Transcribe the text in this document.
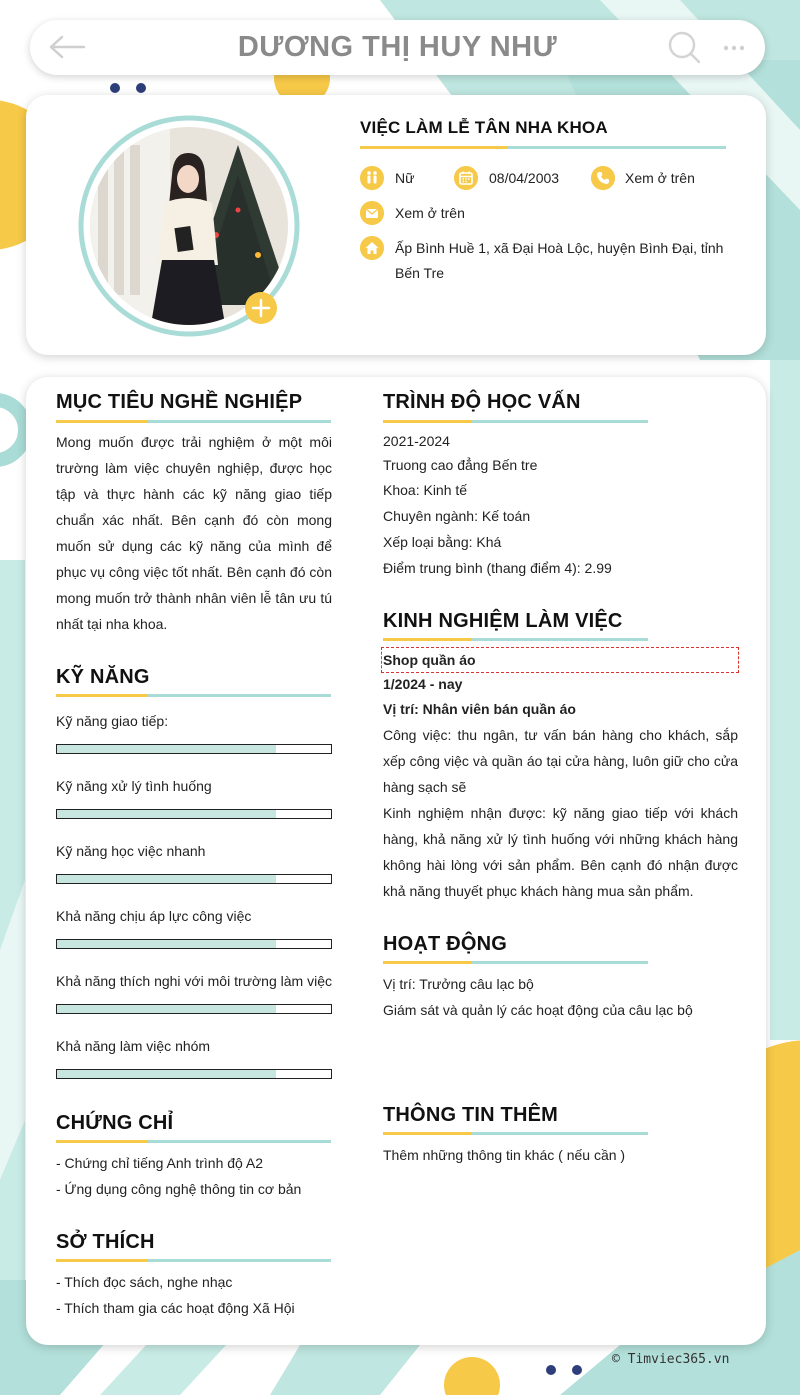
DƯƠNG THỊ HUY NHƯ
VIỆC LÀM LỄ TÂN NHA KHOA
Nữ	08/04/2003	Xem ở trên
Xem ở trên
Ấp Bình Huề 1, xã Đại Hoà Lộc, huyện Bình Đại, tỉnh
Bến Tre
MỤC TIÊU NGHỀ NGHIỆP
Mong muốn được trải nghiệm ở một môi trường làm việc chuyên nghiệp, được học tập và thực hành các kỹ năng giao tiếp chuẩn xác nhất. Bên cạnh đó còn mong muốn sử dụng các kỹ năng của mình để phục vụ công việc tốt nhất. Bên cạnh đó còn mong muốn trở thành nhân viên lễ tân ưu tú nhất tại nha khoa.
KỸ NĂNG
Kỹ năng giao tiếp:
Kỹ năng xử lý tình huống
Kỹ năng học việc nhanh
Khả năng chịu áp lực công việc
Khả năng thích nghi với môi trường làm việc
Khả năng làm việc nhóm
CHỨNG CHỈ
- Chứng chỉ tiếng Anh trình độ A2
- Ứng dụng công nghệ thông tin cơ bản
SỞ THÍCH
- Thích đọc sách, nghe nhạc
- Thích tham gia các hoạt động Xã Hội
TRÌNH ĐỘ HỌC VẤN
2021-2024
Truong cao đẳng Bến tre
Khoa: Kinh tế
Chuyên ngành: Kế toán
Xếp loại bằng: Khá
Điểm trung bình (thang điểm 4): 2.99
KINH NGHIỆM LÀM VIỆC
Shop quần áo
1/2024 - nay
Vị trí: Nhân viên bán quần áo
Công việc: thu ngân, tư vấn bán hàng cho khách, sắp xếp công việc và quần áo tại cửa hàng, luôn giữ cho cửa hàng sạch sẽ
Kinh nghiệm nhận được: kỹ năng giao tiếp với khách hàng, khả năng xử lý tình huống với những khách hàng không hài lòng với sản phẩm. Bên cạnh đó nhận được khả năng thuyết phục khách hàng mua sản phẩm.
HOẠT ĐỘNG
Vị trí: Trưởng câu lạc bộ
Giám sát và quản lý các hoạt động của câu lạc bộ
THÔNG TIN THÊM
Thêm những thông tin khác ( nếu cần )
© Timviec365.vn
